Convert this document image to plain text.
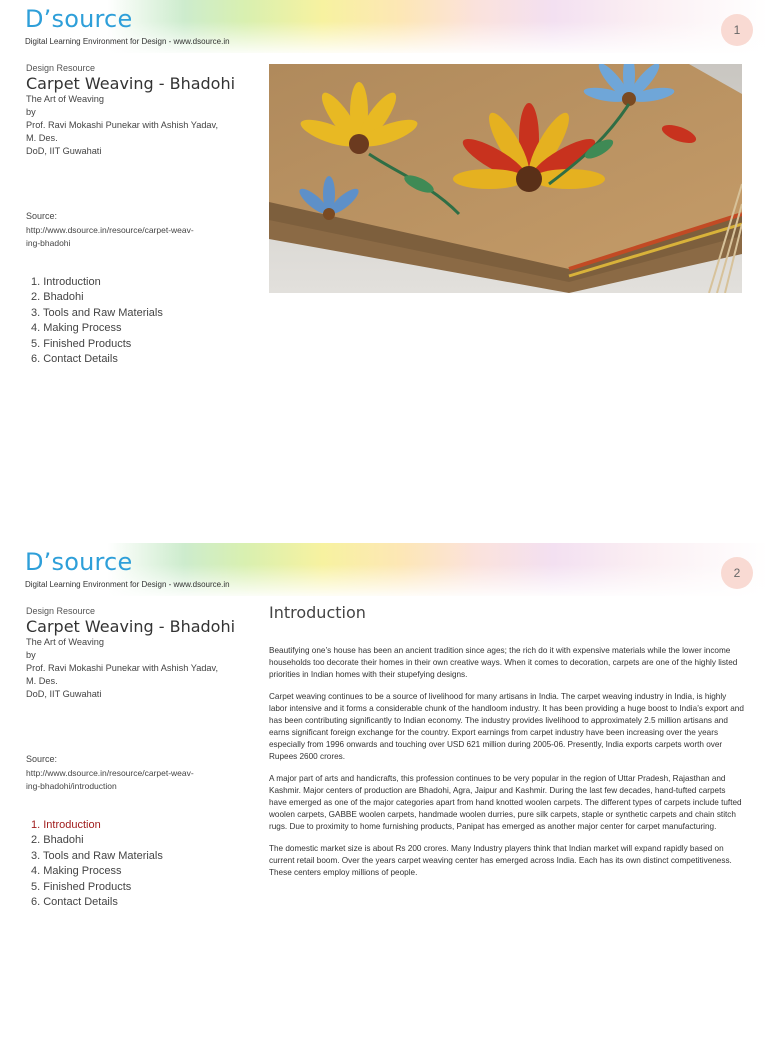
D’source
Digital Learning Environment for Design - www.dsource.in
1
Design Resource
Carpet Weaving - Bhadohi
The Art of Weaving
by
Prof. Ravi Mokashi Punekar with Ashish Yadav,
M. Des.
DoD, IIT Guwahati
Source:
http://www.dsource.in/resource/carpet-weav-
ing-bhadohi
1. Introduction
2. Bhadohi
3. Tools and Raw Materials
4. Making Process
5. Finished Products
6. Contact Details
D’source
Digital Learning Environment for Design - www.dsource.in
2
Design Resource
Carpet Weaving - Bhadohi
The Art of Weaving
by
Prof. Ravi Mokashi Punekar with Ashish Yadav,
M. Des.
DoD, IIT Guwahati
Source:
http://www.dsource.in/resource/carpet-weav-
ing-bhadohi/introduction
1. Introduction
2. Bhadohi
3. Tools and Raw Materials
4. Making Process
5. Finished Products
6. Contact Details
Introduction

Beautifying one’s house has been an ancient tradition since ages; the rich do it with expensive materials while the lower income households too decorate their homes in their own creative ways. When it comes to decoration, carpets are one of the highly listed priorities in Indian homes with their stupefying designs.

Carpet weaving continues to be a source of livelihood for many artisans in India. The carpet weaving industry in India, is highly labor intensive and it forms a considerable chunk of the handloom industry. It has been providing a huge boost to India’s export and has been contributing significantly to Indian economy. The industry provides livelihood to approximately 2.5 million artisans and earns significant foreign exchange for the country. Export earnings from carpet industry have been increasing over the years especially from 1996 onwards and touching over USD 621 million during 2005-06. Presently, India exports carpets worth over Rupees 2600 crores.

A major part of arts and handicrafts, this profession continues to be very popular in the region of Uttar Pradesh, Rajasthan and Kashmir. Major centers of production are Bhadohi, Agra, Jaipur and Kashmir. During the last few decades, hand-tufted carpets have emerged as one of the major categories apart from hand knotted woolen carpets. The different types of carpets include tufted woolen carpets, GABBE woolen carpets, handmade woolen durries, pure silk carpets, staple or synthetic carpets and chain stitch rugs. Due to proximity to home furnishing products, Panipat has emerged as another major center for carpet manufacturing.

The domestic market size is about Rs 200 crores. Many Industry players think that Indian market will expand rapidly based on current retail boom. Over the years carpet weaving center has emerged across India. Each has its own distinct competitiveness. These centers employ millions of people.
